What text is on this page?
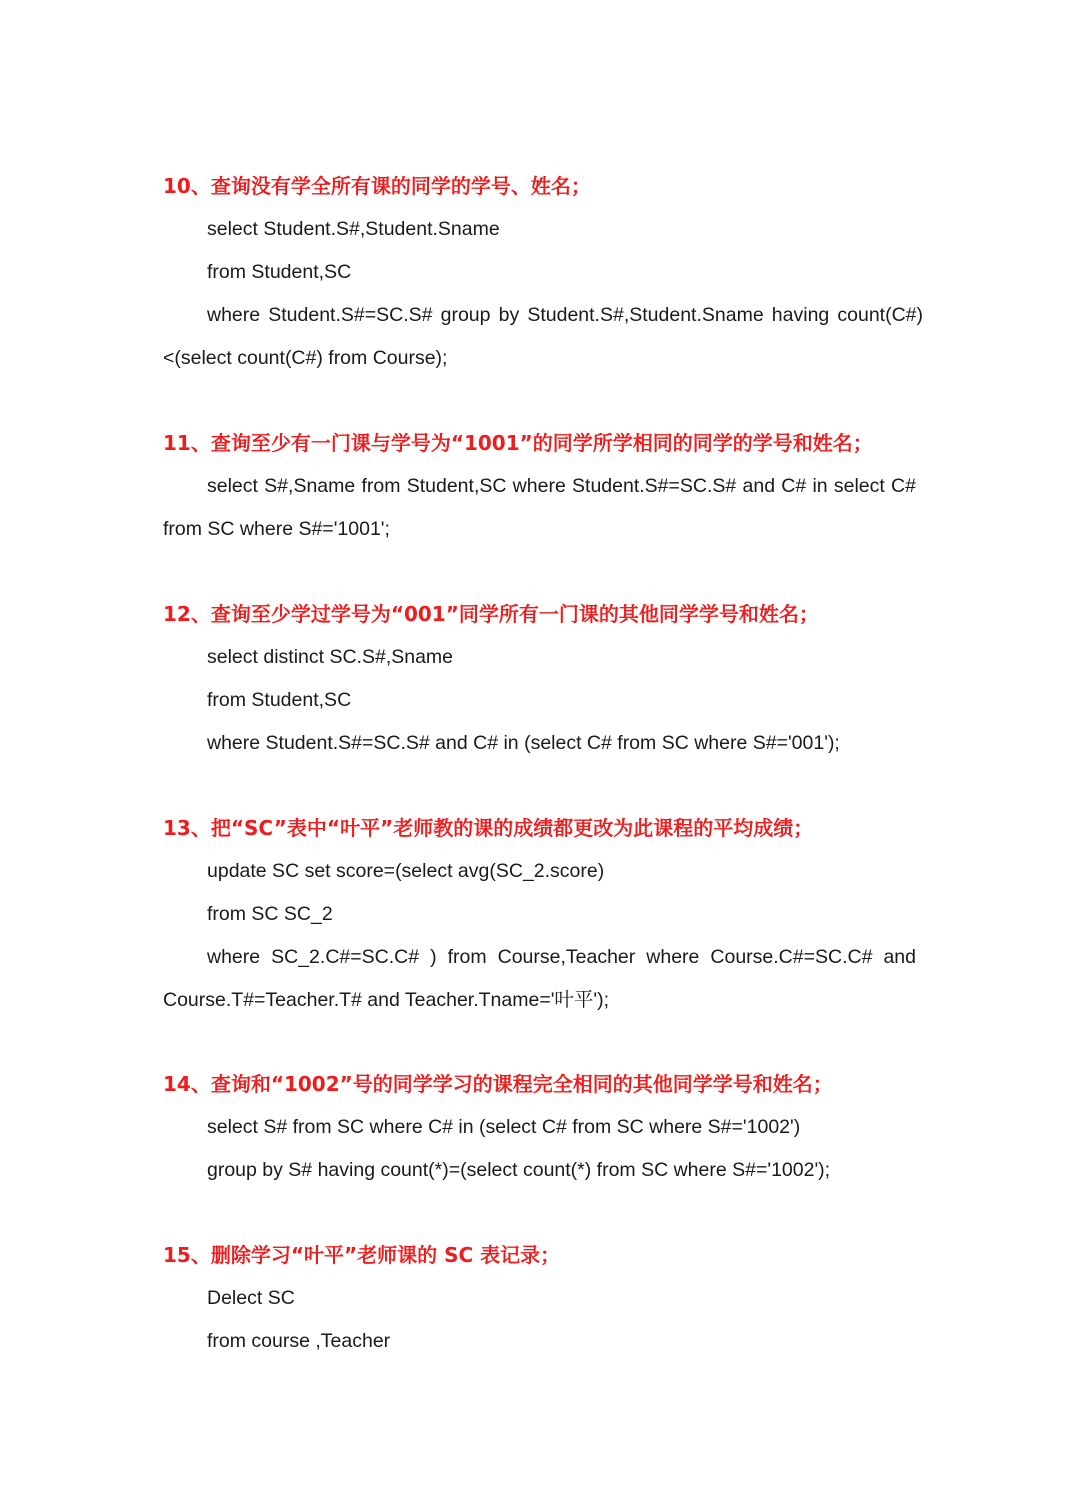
10、查询没有学全所有课的同学的学号、姓名；
select Student.S#,Student.Sname
from Student,SC
where Student.S#=SC.S# group by Student.S#,Student.Sname having count(C#)
<(select count(C#) from Course);
11、查询至少有一门课与学号为“1001”的同学所学相同的同学的学号和姓名；
select S#,Sname from Student,SC where Student.S#=SC.S# and C# in select C#
from SC where S#='1001';
12、查询至少学过学号为“001”同学所有一门课的其他同学学号和姓名；
select distinct SC.S#,Sname
from Student,SC
where Student.S#=SC.S# and C# in (select C# from SC where S#='001');
13、把“SC”表中“叶平”老师教的课的成绩都更改为此课程的平均成绩；
update SC set score=(select avg(SC_2.score)
from SC SC_2
where SC_2.C#=SC.C# ) from Course,Teacher where Course.C#=SC.C# and
Course.T#=Teacher.T# and Teacher.Tname='叶平');
14、查询和“1002”号的同学学习的课程完全相同的其他同学学号和姓名；
select S# from SC where C# in (select C# from SC where S#='1002')
group by S# having count(*)=(select count(*) from SC where S#='1002');
15、删除学习“叶平”老师课的 SC 表记录；
Delect SC
from course ,Teacher
